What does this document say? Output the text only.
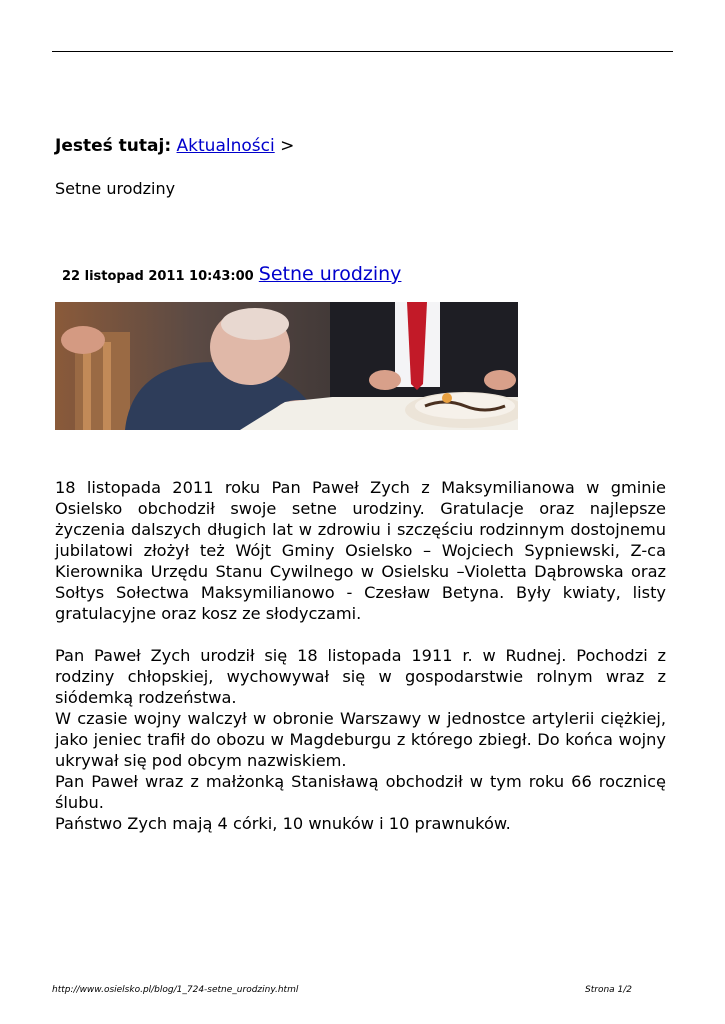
Jesteś tutaj: Aktualności >
Setne urodziny
22 listopad 2011 10:43:00 Setne urodziny

18 listopada 2011 roku Pan Paweł Zych z Maksymilianowa w gminie Osielsko obchodził swoje setne urodziny. Gratulacje oraz najlepsze życzenia dalszych długich lat w zdrowiu i szczęściu rodzinnym dostojnemu jubilatowi złożył też Wójt Gminy Osielsko – Wojciech Sypniewski, Z-ca Kierownika Urzędu Stanu Cywilnego w Osielsku –Violetta Dąbrowska oraz Sołtys Sołectwa Maksymilianowo - Czesław Betyna. Były kwiaty, listy gratulacyjne oraz kosz ze słodyczami.

Pan Paweł Zych urodził się 18 listopada 1911 r. w Rudnej. Pochodzi z rodziny chłopskiej, wychowywał się w gospodarstwie rolnym wraz z siódemką rodzeństwa.

W czasie wojny walczył w obronie Warszawy w jednostce artylerii ciężkiej, jako jeniec trafił do obozu w Magdeburgu z którego zbiegł. Do końca wojny ukrywał się pod obcym nazwiskiem.

Pan Paweł wraz z małżonką Stanisławą obchodził w tym roku 66 rocznicę ślubu.

Państwo Zych mają 4 córki, 10 wnuków i 10 prawnuków.

http://www.osielsko.pl/blog/1_724-setne_urodziny.html	Strona 1/2
